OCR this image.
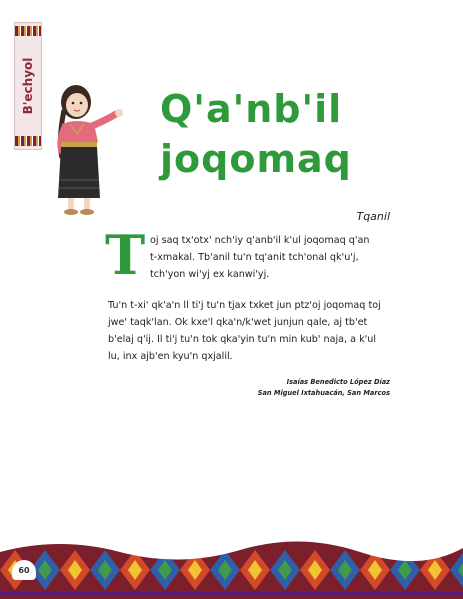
B'echyol	Q'a'nb'il
joqomaq
Tqanil
T oj saq tx'otx' nch'iy q'anb'il k'ul joqomaq q'an
t-xmakal. Tb'anil tu'n tq'anit tch'onal qk'u'j,
tch'yon wi'yj ex kanwi'yj.
Tu'n t-xi' qk'a'n ll ti'j tu'n tjax txket jun ptz'oj joqomaq toj
jwe' taqk'lan. Ok kxe'l qka'n/k'wet junjun qale, aj tb'et
b'elaj q'ij. Il ti'j tu'n tok qka'yin tu'n min kub' naja, a k'ul
lu, inx ajb'en kyu'n qxjalil.
Isaías Benedicto López Díaz
San Miguel Ixtahuacán, San Marcos
60
